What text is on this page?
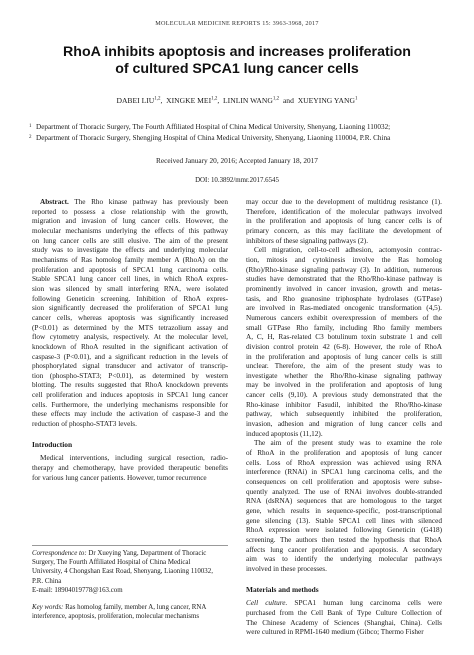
MOLECULAR MEDICINE REPORTS 15: 3963-3968, 2017
RhoA inhibits apoptosis and increases proliferation
of cultured SPCA1 lung cancer cells
DABEI LIU$^{1,2}$, XINGKE MEI$^{1,2}$, LINLIN WANG$^{1,2}$ and XUEYING YANG$^1$
1 Department of Thoracic Surgery, The Fourth Affiliated Hospital of China Medical University, Shenyang, Liaoning 110032;
2 Department of Thoracic Surgery, Shengjing Hospital of China Medical University, Shenyang, Liaoning 110004, P.R. China
Received January 20, 2016; Accepted January 18, 2017
DOI: 10.3892/mmr.2017.6545
Abstract. The Rho kinase pathway has previously been
reported to possess a close relationship with the growth,
migration and invasion of lung cancer cells. However, the
molecular mechanisms underlying the effects of this pathway
on lung cancer cells are still elusive. The aim of the present
study was to investigate the effects and underlying molecular
mechanisms of Ras homolog family member A (RhoA) on the
proliferation and apoptosis of SPCA1 lung carcinoma cells.
Stable SPCA1 lung cancer cell lines, in which RhoA expres-
sion was silenced by small interfering RNA, were isolated
following Geneticin screening. Inhibition of RhoA expres-
sion significantly decreased the proliferation of SPCA1 lung
cancer cells, whereas apoptosis was significantly increased
(P<0.01) as determined by the MTS tetrazolium assay and
flow cytometry analysis, respectively. At the molecular level,
knockdown of RhoA resulted in the significant activation of
caspase-3 (P<0.01), and a significant reduction in the levels of
phosphorylated signal transducer and activator of transcrip-
tion (phospho-STAT3; P<0.01), as determined by western
blotting. The results suggested that RhoA knockdown prevents
cell proliferation and induces apoptosis in SPCA1 lung cancer
cells. Furthermore, the underlying mechanisms responsible for
these effects may include the activation of caspase-3 and the
reduction of phospho-STAT3 levels.

Introduction

Medical interventions, including surgical resection, radio-
therapy and chemotherapy, have provided therapeutic benefits
for various lung cancer patients. However, tumor recurrence
Correspondence to: Dr Xueying Yang, Department of Thoracic
Surgery, The Fourth Affiliated Hospital of China Medical
University, 4 Chongshan East Road, Shenyang, Liaoning 110032,
P.R. China
E-mail: 18904019778@163.com
Key words: Ras homolog family, member A, lung cancer, RNA
interference, apoptosis, proliferation, molecular mechanisms
may occur due to the development of multidrug resistance (1).
Therefore, identification of the molecular pathways involved
in the proliferation and apoptosis of lung cancer cells is of
primary concern, as this may facilitate the development of
inhibitors of these signaling pathways (2).
Cell migration, cell-to-cell adhesion, actomyosin contrac-
tion, mitosis and cytokinesis involve the Ras homolog
(Rho)/Rho-kinase signaling pathway (3). In addition, numerous
studies have demonstrated that the Rho/Rho-kinase pathway is
prominently involved in cancer invasion, growth and metas-
tasis, and Rho guanosine triphosphate hydrolases (GTPase)
are involved in Ras-mediated oncogenic transformation (4,5).
Numerous cancers exhibit overexpression of members of the
small GTPase Rho family, including Rho family members
A, C, H, Ras-related C3 botulinum toxin substrate 1 and cell
division control protein 42 (6-8). However, the role of RhoA
in the proliferation and apoptosis of lung cancer cells is still
unclear. Therefore, the aim of the present study was to
investigate whether the Rho/Rho-kinase signaling pathway
may be involved in the proliferation and apoptosis of lung
cancer cells (9,10). A previous study demonstrated that the
Rho-kinase inhibitor Fasudil, inhibited the Rho/Rho-kinase
pathway, which subsequently inhibited the proliferation,
invasion, adhesion and migration of lung cancer cells and
induced apoptosis (11,12).
The aim of the present study was to examine the role
of RhoA in the proliferation and apoptosis of lung cancer
cells. Loss of RhoA expression was achieved using RNA
interference (RNAi) in SPCA1 lung carcinoma cells, and the
consequences on cell proliferation and apoptosis were subse-
quently analyzed. The use of RNAi involves double-stranded
RNA (dsRNA) sequences that are homologous to the target
gene, which results in sequence-specific, post-transcriptional
gene silencing (13). Stable SPCA1 cell lines with silenced
RhoA expression were isolated following Geneticin (G418)
screening. The authors then tested the hypothesis that RhoA
affects lung cancer proliferation and apoptosis. A secondary
aim was to identify the underlying molecular pathways
involved in these processes.

Materials and methods

Cell culture. SPCA1 human lung carcinoma cells were
purchased from the Cell Bank of Type Culture Collection of
The Chinese Academy of Sciences (Shanghai, China). Cells
were cultured in RPMI-1640 medium (Gibco; Thermo Fisher
